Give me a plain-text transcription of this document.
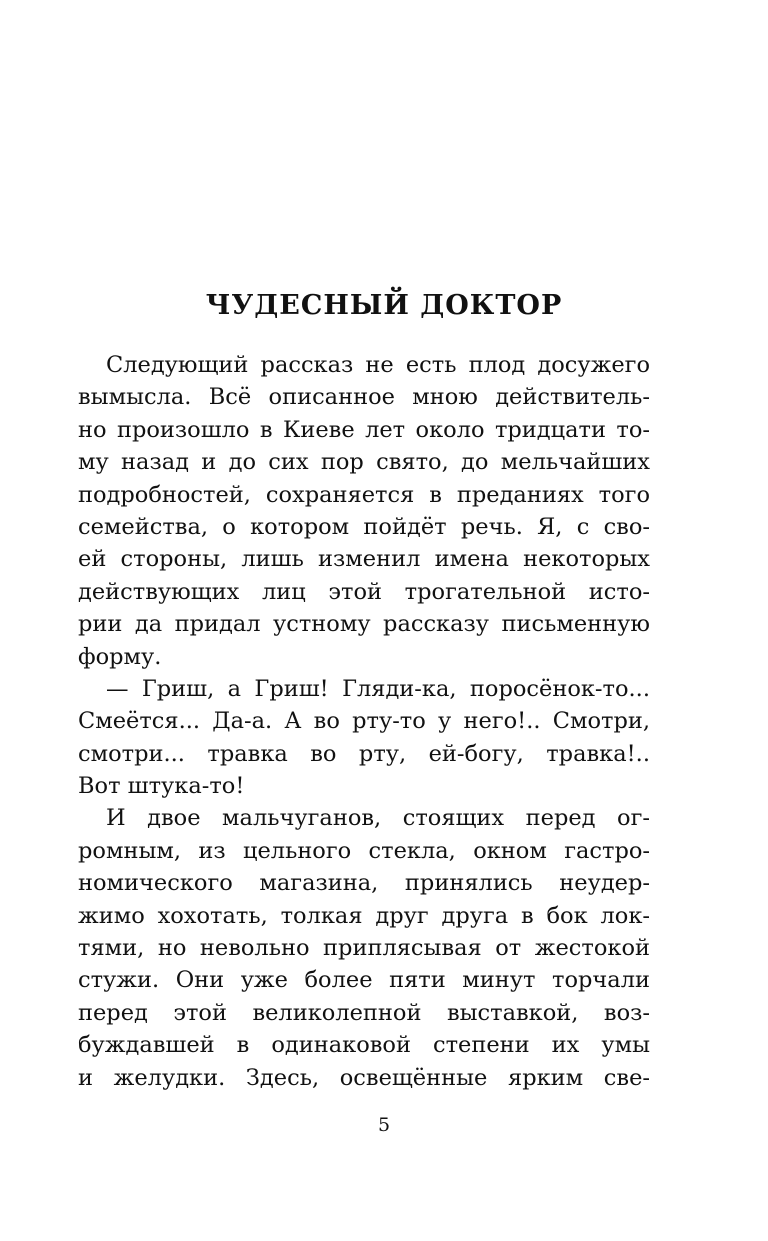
ЧУДЕСНЫЙ ДОКТОР
Следующий рассказ не есть плод досужего
вымысла. Всё описанное мною действитель-
но произошло в Киеве лет около тридцати то-
му назад и до сих пор свято, до мельчайших
подробностей, сохраняется в преданиях того
семейства, о котором пойдёт речь. Я, с сво-
ей стороны, лишь изменил имена некоторых
действующих лиц этой трогательной исто-
рии да придал устному рассказу письменную
форму.
— Гриш, а Гриш! Гляди-ка, поросёнок-то...
Смеётся... Да-а. А во рту-то у него!.. Смотри,
смотри... травка во рту, ей-богу, травка!..
Вот штука-то!
И двое мальчуганов, стоящих перед ог-
ромным, из цельного стекла, окном гастро-
номического магазина, принялись неудер-
жимо хохотать, толкая друг друга в бок лок-
тями, но невольно приплясывая от жестокой
стужи. Они уже более пяти минут торчали
перед этой великолепной выставкой, воз-
буждавшей в одинаковой степени их умы
и желудки. Здесь, освещённые ярким све-
5
